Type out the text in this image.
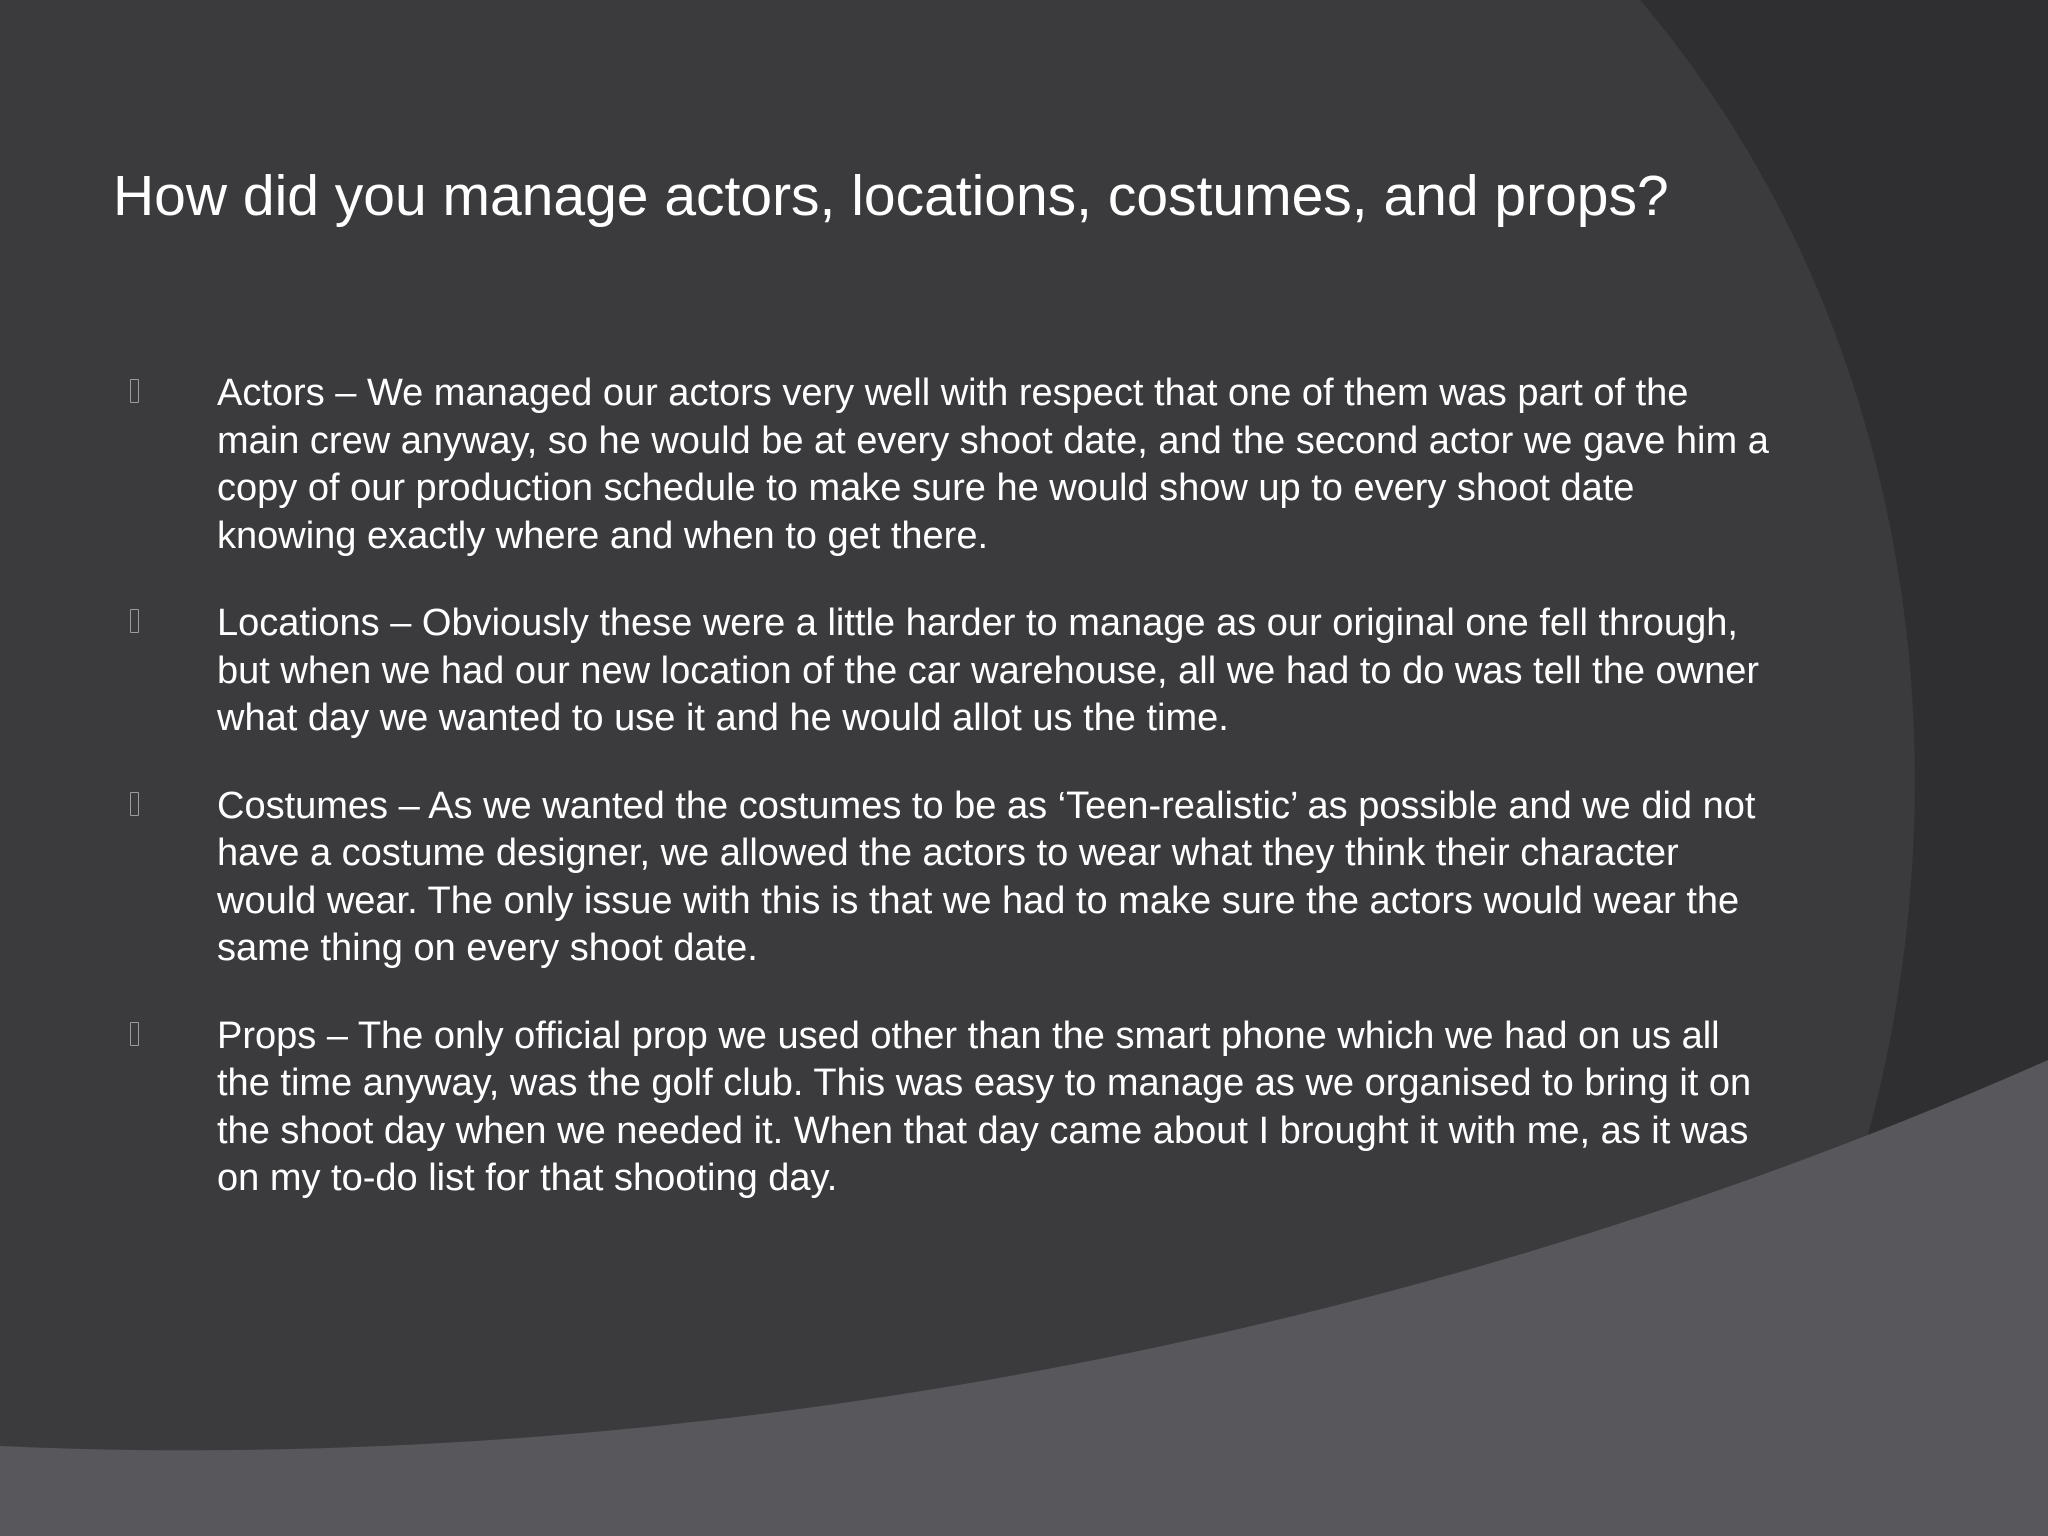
How did you manage actors, locations, costumes, and props?
Actors – We managed our actors very well with respect that one of them was part of the main crew anyway, so he would be at every shoot date, and the second actor we gave him a copy of our production schedule to make sure he would show up to every shoot date knowing exactly where and when to get there.
Locations – Obviously these were a little harder to manage as our original one fell through, but when we had our new location of the car warehouse, all we had to do was tell the owner what day we wanted to use it and he would allot us the time.
Costumes – As we wanted the costumes to be as ‘Teen-realistic’ as possible and we did not have a costume designer, we allowed the actors to wear what they think their character would wear. The only issue with this is that we had to make sure the actors would wear the same thing on every shoot date.
Props – The only official prop we used other than the smart phone which we had on us all the time anyway, was the golf club. This was easy to manage as we organised to bring it on the shoot day when we needed it. When that day came about I brought it with me, as it was on my to-do list for that shooting day.
